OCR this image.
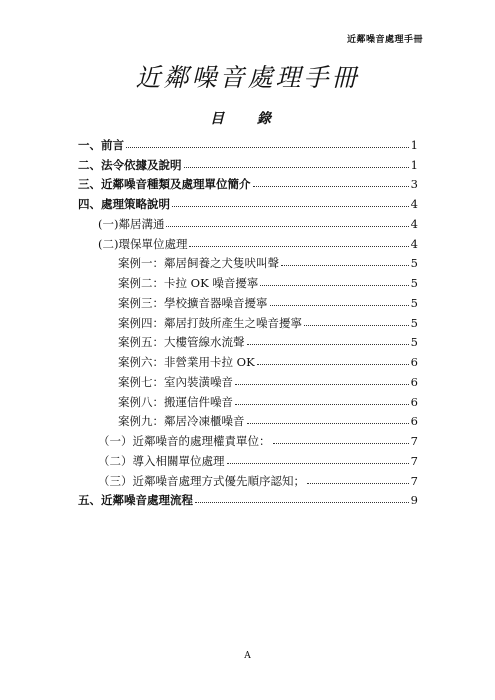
近鄰噪音處理手冊
近鄰噪音處理手冊
目 錄
一、前言	1
二、法令依據及說明	1
三、近鄰噪音種類及處理單位簡介	3
四、處理策略說明	4
(一)鄰居溝通	4
(二)環保單位處理	4
案例一：鄰居飼養之犬隻吠叫聲	5
案例二：卡拉 OK 噪音擾寧	5
案例三：學校擴音器噪音擾寧	5
案例四：鄰居打鼓所產生之噪音擾寧	5
案例五：大樓管線水流聲	5
案例六：非營業用卡拉 OK	6
案例七：室內裝潢噪音	6
案例八：搬運信件噪音	6
案例九：鄰居冷凍櫃噪音	6
（一）近鄰噪音的處理權責單位：	7
（二）導入相關單位處理	7
（三）近鄰噪音處理方式優先順序認知；	7
五、近鄰噪音處理流程	9
A
